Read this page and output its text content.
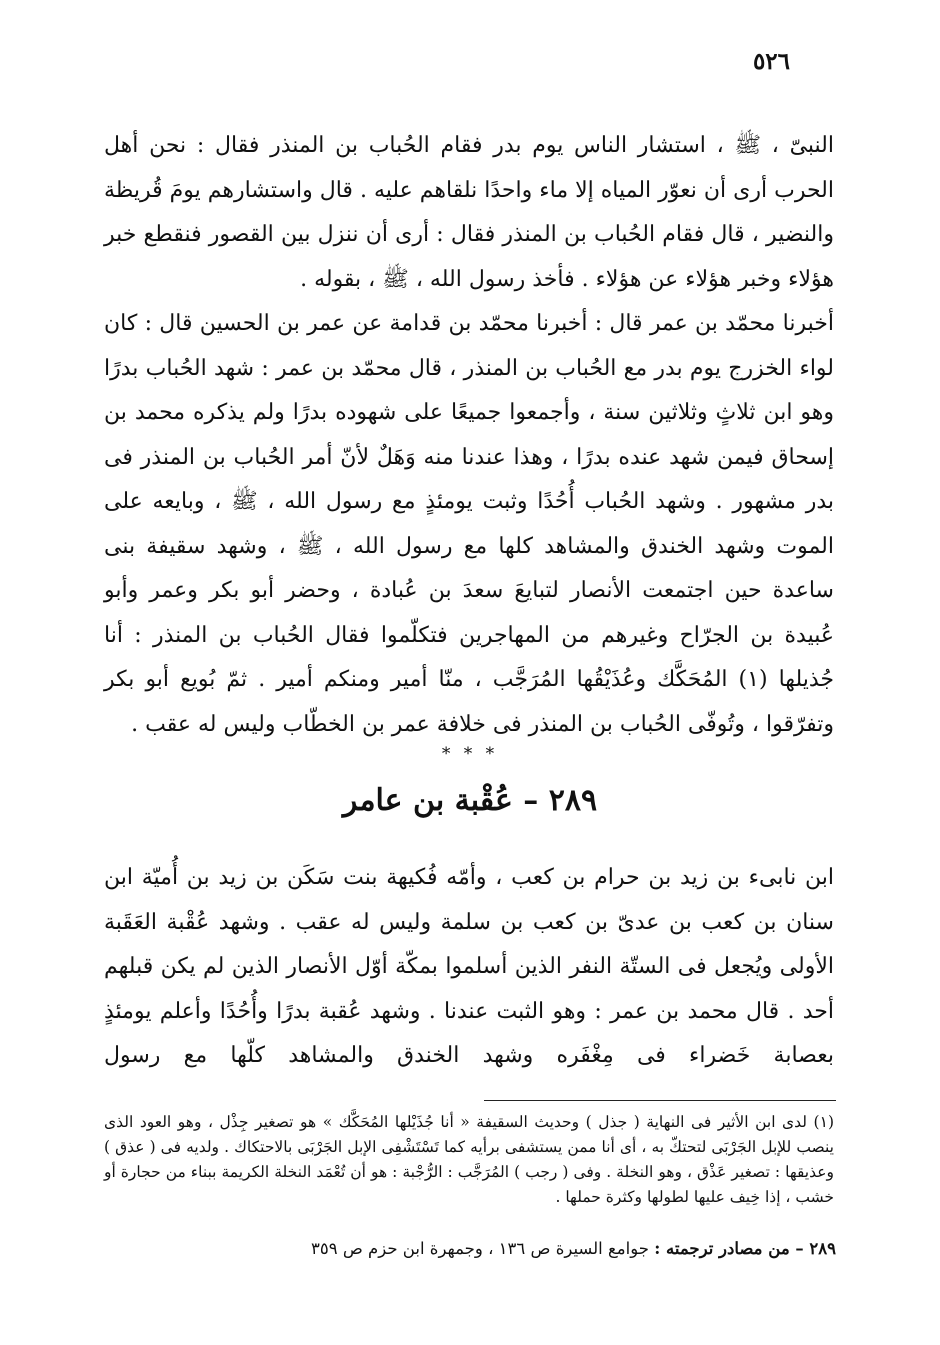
٥٢٦

النبىّ ، ﷺ ، استشار الناس يوم بدر فقام الحُباب بن المنذر فقال : نحن أهل الحرب أرى أن نعوّر المياه إلا ماء واحدًا نلقاهم عليه . قال واستشارهم يومَ قُريظة والنضير ، قال فقام الحُباب بن المنذر فقال : أرى أن ننزل بين القصور فنقطع خبر هؤلاء وخبر هؤلاء عن هؤلاء . فأخذ رسول الله ، ﷺ ، بقوله .

أخبرنا محمّد بن عمر قال : أخبرنا محمّد بن قدامة عن عمر بن الحسين قال : كان لواء الخزرج يوم بدر مع الحُباب بن المنذر ، قال محمّد بن عمر : شهد الحُباب بدرًا وهو ابن ثلاثٍ وثلاثين سنة ، وأجمعوا جميعًا على شهوده بدرًا ولم يذكره محمد بن إسحاق فيمن شهد عنده بدرًا ، وهذا عندنا منه وَهَلٌ لأنّ أمر الحُباب بن المنذر فى بدر مشهور . وشهد الحُباب أُحُدًا وثبت يومئذٍ مع رسول الله ، ﷺ ، وبايعه على الموت وشهد الخندق والمشاهد كلها مع رسول الله ، ﷺ ، وشهد سقيفة بنى ساعدة حين اجتمعت الأنصار لتبايعَ سعدَ بن عُبادة ، وحضر أبو بكر وعمر وأبو عُبيدة بن الجرّاح وغيرهم من المهاجرين فتكلّموا فقال الحُباب بن المنذر : أنا جُذيلها (١) المُحَكَّك وعُذَيْقُها المُرَجَّب ، منّا أمير ومنكم أمير . ثمّ بُويع أبو بكر وتفرّقوا ، وتُوفّى الحُباب بن المنذر فى خلافة عمر بن الخطّاب وليس له عقب .

* * *
٢٨٩ – عُقْبة بن عامر
ابن نابىء بن زيد بن حرام بن كعب ، وأمّه فُكيهة بنت سَكَن بن زيد بن أُميّة ابن سنان بن كعب بن عدىّ بن كعب بن سلمة وليس له عقب . وشهد عُقْبة العَقَبة الأولى ويُجعل فى الستّة النفر الذين أسلموا بمكّة أوّل الأنصار الذين لم يكن قبلهم أحد . قال محمد بن عمر : وهو الثبت عندنا . وشهد عُقبة بدرًا وأُحُدًا وأعلم يومئذٍ بعصابة خَضراء فى مِغْفَره وشهد الخندق والمشاهد كلّها مع رسول
(١) لدى ابن الأثير فى النهاية ( جذل ) وحديث السقيفة « أنا جُذَيْلها المُحَكَّك » هو تصغير جِذْل ، وهو العود الذى ينصب للإبل الجَرْبَى لتحتكّ به ، أى أنا ممن يستشفى برأيه كما تَسْتَشْفِى الإبل الجَرْبَى بالاحتكاك . ولديه فى ( عذق ) وعذيقها : تصغير عَذْق ، وهو النخلة . وفى ( رجب ) المُرَجَّب : الرُّجْبة : هو أن تُعْمَد النخلة الكريمة ببناء من حجارة أو خشب ، إذا خِيف عليها لطولها وكثرة حملها .
٢٨٩ – من مصادر ترجمته : جوامع السيرة ص ١٣٦ ، وجمهرة ابن حزم ص ٣٥٩
